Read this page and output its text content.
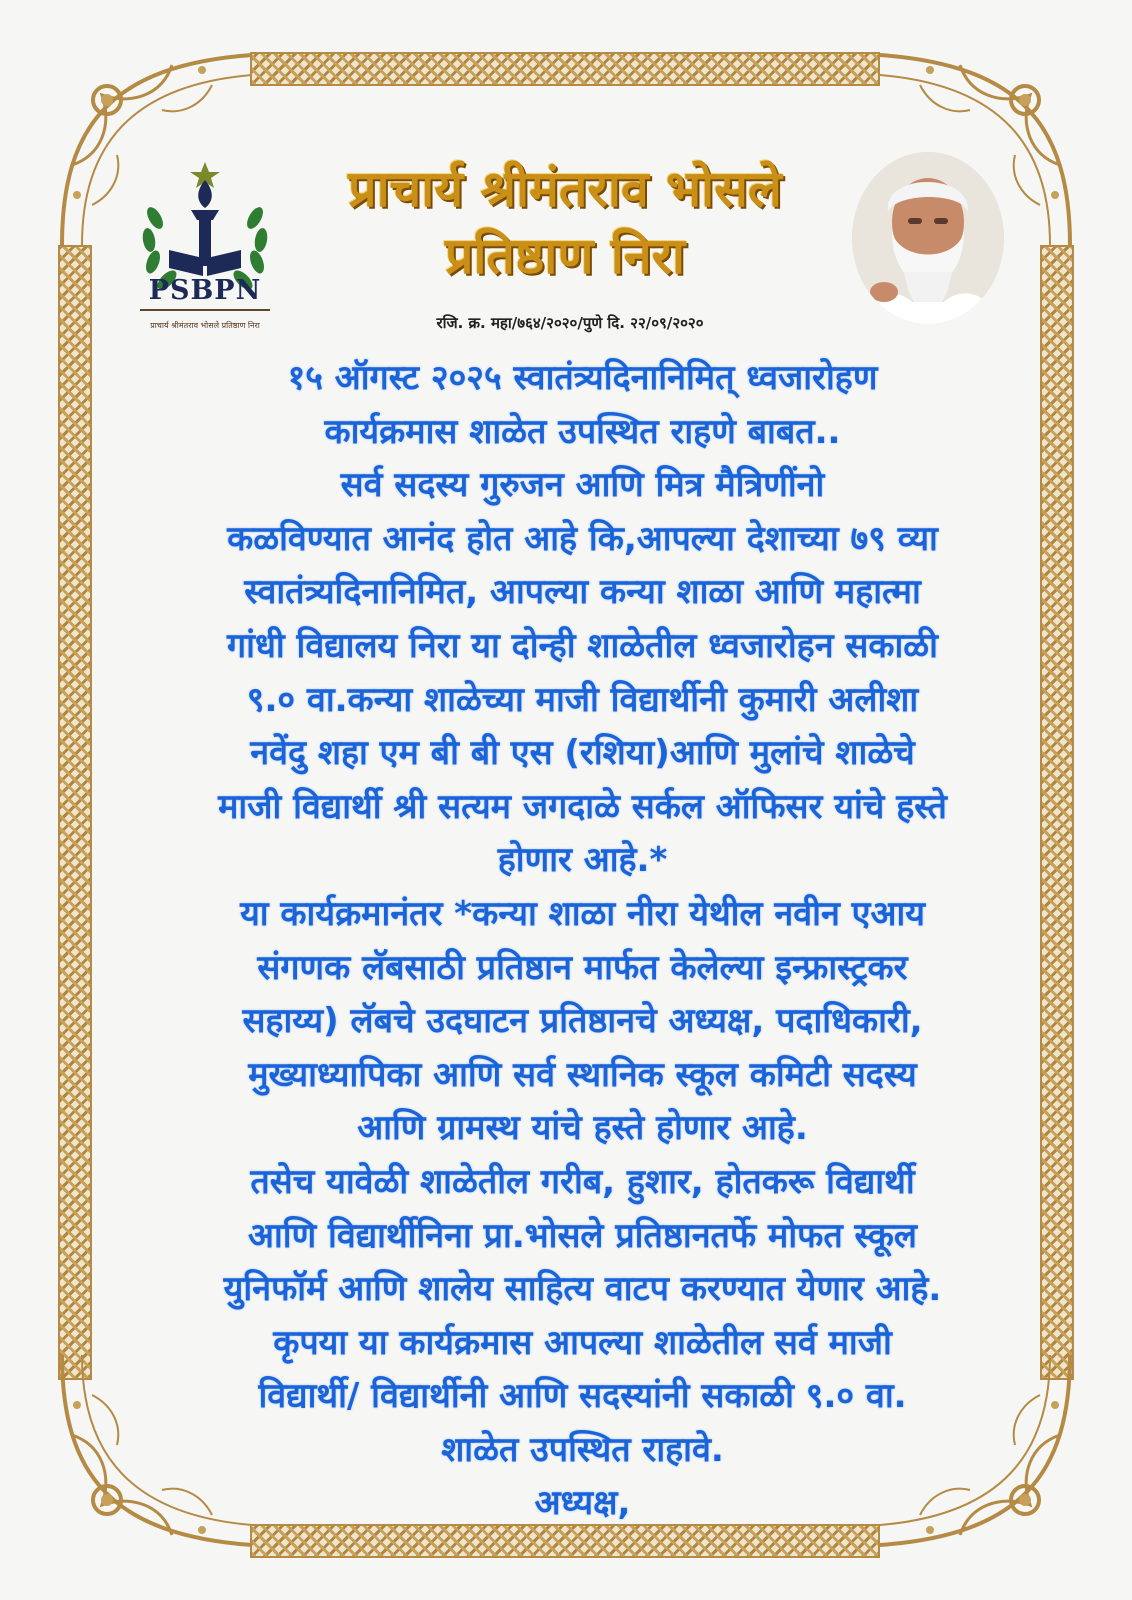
PSBPN
प्राचार्य श्रीमंतराव भोसले प्रतिष्ठाण निरा
प्राचार्य श्रीमंतराव भोसले
प्रतिष्ठाण निरा
रजि. क्र. महा/७६४/२०२०/पुणे दि. २२/०९/२०२०
१५ ऑगस्ट २०२५ स्वातंत्र्यदिनानिमित् ध्वजारोहण
कार्यक्रमास शाळेत उपस्थित राहणे बाबत..
सर्व सदस्य गुरुजन आणि मित्र मैत्रिणींनो
कळविण्यात आनंद होत आहे कि,आपल्या देशाच्या ७९ व्या
स्वातंत्र्यदिनानिमित, आपल्या कन्या शाळा आणि महात्मा
गांधी विद्यालय निरा या दोन्ही शाळेतील ध्वजारोहन सकाळी
९.० वा.कन्या शाळेच्या माजी विद्यार्थीनी कुमारी अलीशा
नवेंदु शहा एम बी बी एस (रशिया)आणि मुलांचे शाळेचे
माजी विद्यार्थी श्री सत्यम जगदाळे सर्कल ऑफिसर यांचे हस्ते
होणार आहे.*
या कार्यक्रमानंतर *कन्या शाळा नीरा येथील नवीन एआय
संगणक लॅबसाठी प्रतिष्ठान मार्फत केलेल्या इन्फ्रास्ट्रकर
सहाय्य) लॅबचे उदघाटन प्रतिष्ठानचे अध्यक्ष, पदाधिकारी,
मुख्याध्यापिका आणि सर्व स्थानिक स्कूल कमिटी सदस्य
आणि ग्रामस्थ यांचे हस्ते होणार आहे.
तसेच यावेळी शाळेतील गरीब, हुशार, होतकरू विद्यार्थी
आणि विद्यार्थीनिना प्रा.भोसले प्रतिष्ठानतर्फे मोफत स्कूल
युनिफॉर्म आणि शालेय साहित्य वाटप करण्यात येणार आहे.
कृपया या कार्यक्रमास आपल्या शाळेतील सर्व माजी
विद्यार्थी/ विद्यार्थीनी आणि सदस्यांनी सकाळी ९.० वा.
शाळेत उपस्थित राहावे.
अध्यक्ष,
